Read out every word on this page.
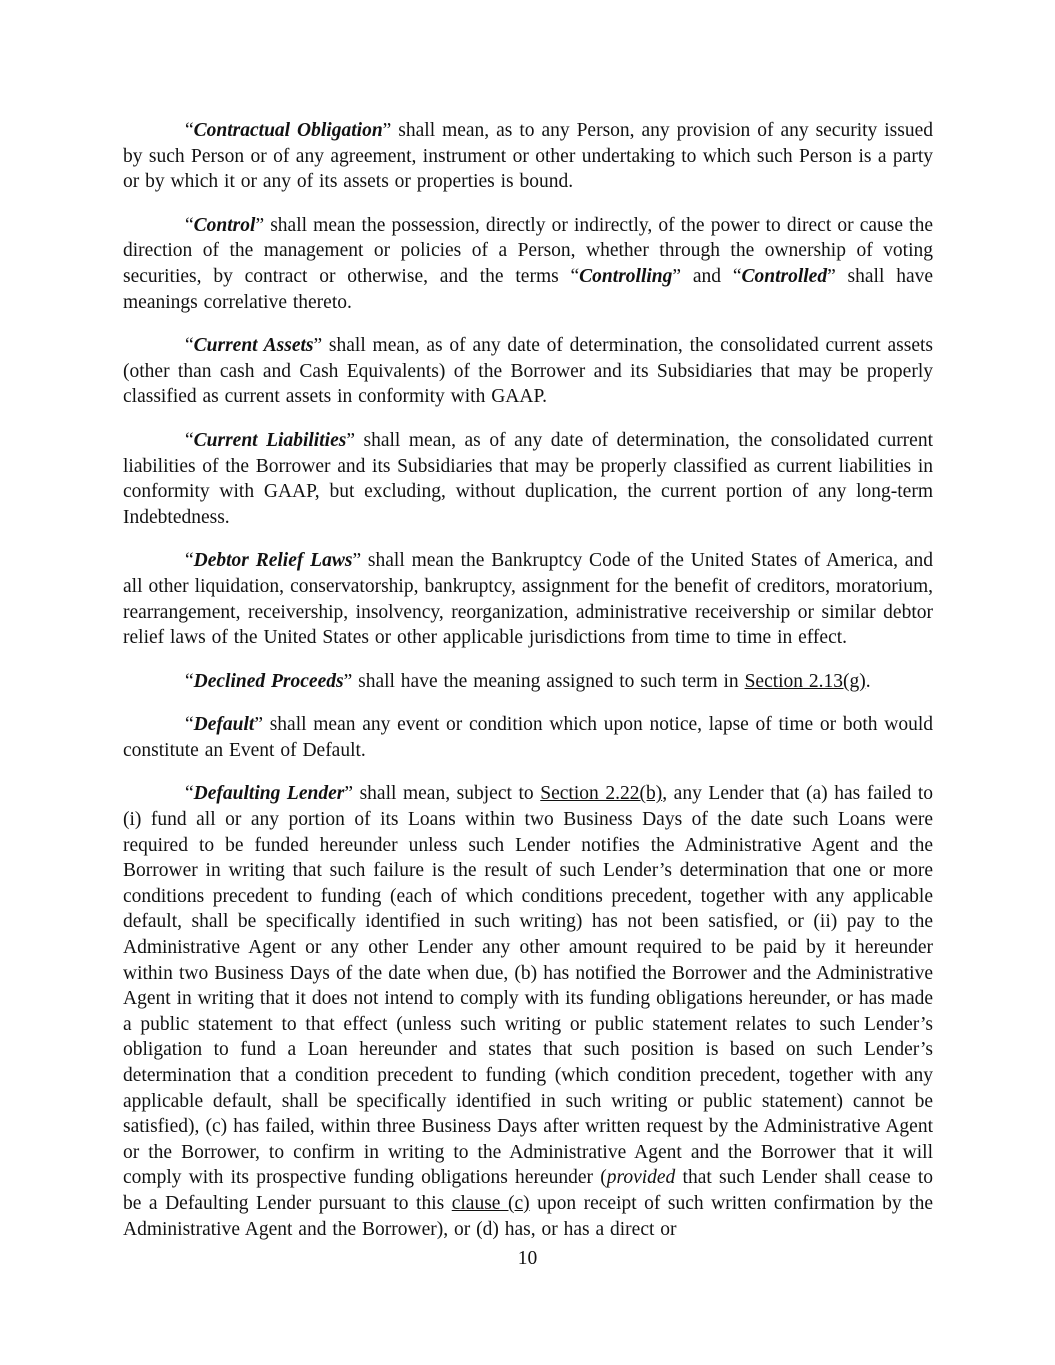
“Contractual Obligation” shall mean, as to any Person, any provision of any security issued by such Person or of any agreement, instrument or other undertaking to which such Person is a party or by which it or any of its assets or properties is bound.

“Control” shall mean the possession, directly or indirectly, of the power to direct or cause the direction of the management or policies of a Person, whether through the ownership of voting securities, by contract or otherwise, and the terms “Controlling” and “Controlled” shall have meanings correlative thereto.

“Current Assets” shall mean, as of any date of determination, the consolidated current assets (other than cash and Cash Equivalents) of the Borrower and its Subsidiaries that may be properly classified as current assets in conformity with GAAP.

“Current Liabilities” shall mean, as of any date of determination, the consolidated current liabilities of the Borrower and its Subsidiaries that may be properly classified as current liabilities in conformity with GAAP, but excluding, without duplication, the current portion of any long-term Indebtedness.

“Debtor Relief Laws” shall mean the Bankruptcy Code of the United States of America, and all other liquidation, conservatorship, bankruptcy, assignment for the benefit of creditors, moratorium, rearrangement, receivership, insolvency, reorganization, administrative receivership or similar debtor relief laws of the United States or other applicable jurisdictions from time to time in effect.

“Declined Proceeds” shall have the meaning assigned to such term in Section 2.13(g).

“Default” shall mean any event or condition which upon notice, lapse of time or both would constitute an Event of Default.

“Defaulting Lender” shall mean, subject to Section 2.22(b), any Lender that (a) has failed to (i) fund all or any portion of its Loans within two Business Days of the date such Loans were required to be funded hereunder unless such Lender notifies the Administrative Agent and the Borrower in writing that such failure is the result of such Lender’s determination that one or more conditions precedent to funding (each of which conditions precedent, together with any applicable default, shall be specifically identified in such writing) has not been satisfied, or (ii) pay to the Administrative Agent or any other Lender any other amount required to be paid by it hereunder within two Business Days of the date when due, (b) has notified the Borrower and the Administrative Agent in writing that it does not intend to comply with its funding obligations hereunder, or has made a public statement to that effect (unless such writing or public statement relates to such Lender’s obligation to fund a Loan hereunder and states that such position is based on such Lender’s determination that a condition precedent to funding (which condition precedent, together with any applicable default, shall be specifically identified in such writing or public statement) cannot be satisfied), (c) has failed, within three Business Days after written request by the Administrative Agent or the Borrower, to confirm in writing to the Administrative Agent and the Borrower that it will comply with its prospective funding obligations hereunder (provided that such Lender shall cease to be a Defaulting Lender pursuant to this clause (c) upon receipt of such written confirmation by the Administrative Agent and the Borrower), or (d) has, or has a direct or

10
